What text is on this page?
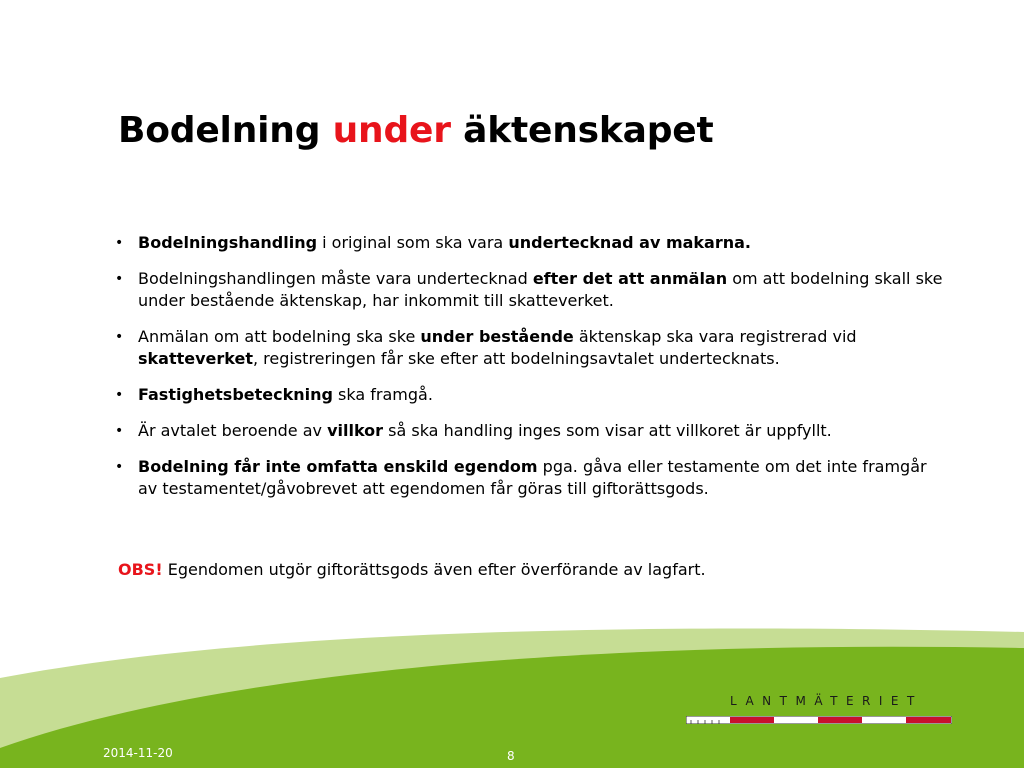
Bodelning under äktenskapet
• Bodelningshandling i original som ska vara undertecknad av makarna.
• Bodelningshandlingen måste vara undertecknad efter det att anmälan om att bodelning skall ske under bestående äktenskap, har inkommit till skatteverket.
• Anmälan om att bodelning ska ske under bestående äktenskap ska vara registrerad vid skatteverket, registreringen får ske efter att bodelningsavtalet undertecknats.
• Fastighetsbeteckning ska framgå.
• Är avtalet beroende av villkor så ska handling inges som visar att villkoret är uppfyllt.
• Bodelning får inte omfatta enskild egendom pga. gåva eller testamente om det inte framgår av testamentet/gåvobrevet att egendomen får göras till giftorättsgods.
OBS! Egendomen utgör giftorättsgods även efter överförande av lagfart.
LANTMÄTERIET
2014-11-20	8
